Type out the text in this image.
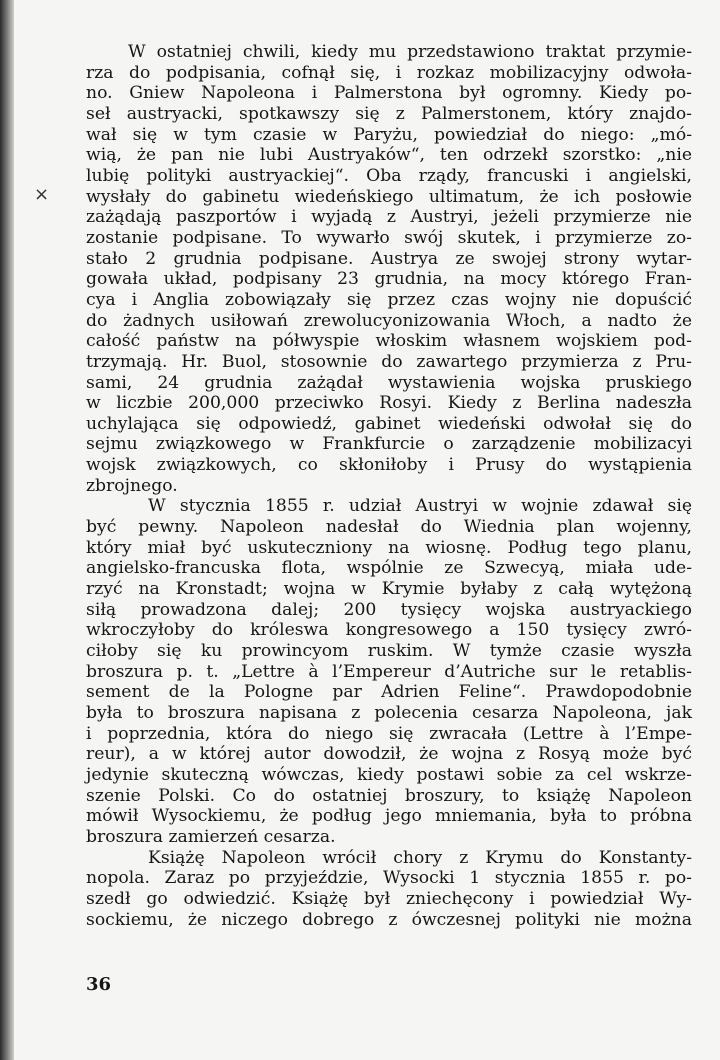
×
W ostatniej chwili, kiedy mu przedstawiono traktat przymie-
rza do podpisania, cofnął się, i rozkaz mobilizacyjny odwoła-
no. Gniew Napoleona i Palmerstona był ogromny. Kiedy po-
seł austryacki, spotkawszy się z Palmerstonem, który znajdo-
wał się w tym czasie w Paryżu, powiedział do niego: „mó-
wią, że pan nie lubi Austryaków“, ten odrzekł szorstko: „nie
lubię polityki austryackiej“. Oba rządy, francuski i angielski,
wysłały do gabinetu wiedeńskiego ultimatum, że ich posłowie
zażądają paszportów i wyjadą z Austryi, jeżeli przymierze nie
zostanie podpisane. To wywarło swój skutek, i przymierze zo-
stało 2 grudnia podpisane. Austrya ze swojej strony wytar-
gowała układ, podpisany 23 grudnia, na mocy którego Fran-
cya i Anglia zobowiązały się przez czas wojny nie dopuścić
do żadnych usiłowań zrewolucyonizowania Włoch, a nadto że
całość państw na półwyspie włoskim własnem wojskiem pod-
trzymają. Hr. Buol, stosownie do zawartego przymierza z Pru-
sami, 24 grudnia zażądał wystawienia wojska pruskiego
w liczbie 200,000 przeciwko Rosyi. Kiedy z Berlina nadeszła
uchylająca się odpowiedź, gabinet wiedeński odwołał się do
sejmu związkowego w Frankfurcie o zarządzenie mobilizacyi
wojsk związkowych, co skłoniłoby i Prusy do wystąpienia
zbrojnego.
W stycznia 1855 r. udział Austryi w wojnie zdawał się
być pewny. Napoleon nadesłał do Wiednia plan wojenny,
który miał być uskuteczniony na wiosnę. Podług tego planu,
angielsko-francuska flota, wspólnie ze Szwecyą, miała ude-
rzyć na Kronstadt; wojna w Krymie byłaby z całą wytężoną
siłą prowadzona dalej; 200 tysięcy wojska austryackiego
wkroczyłoby do króleswa kongresowego a 150 tysięcy zwró-
ciłoby się ku prowincyom ruskim. W tymże czasie wyszła
broszura p. t. „Lettre à l’Empereur d’Autriche sur le retablis-
sement de la Pologne par Adrien Feline“. Prawdopodobnie
była to broszura napisana z polecenia cesarza Napoleona, jak
i poprzednia, która do niego się zwracała (Lettre à l’Empe-
reur), a w której autor dowodził, że wojna z Rosyą może być
jedynie skuteczną wówczas, kiedy postawi sobie za cel wskrze-
szenie Polski. Co do ostatniej broszury, to książę Napoleon
mówił Wysockiemu, że podług jego mniemania, była to próbna
broszura zamierzeń cesarza.
Książę Napoleon wrócił chory z Krymu do Konstanty-
nopola. Zaraz po przyjeździe, Wysocki 1 stycznia 1855 r. po-
szedł go odwiedzić. Książę był zniechęcony i powiedział Wy-
sockiemu, że niczego dobrego z ówczesnej polityki nie można
36
